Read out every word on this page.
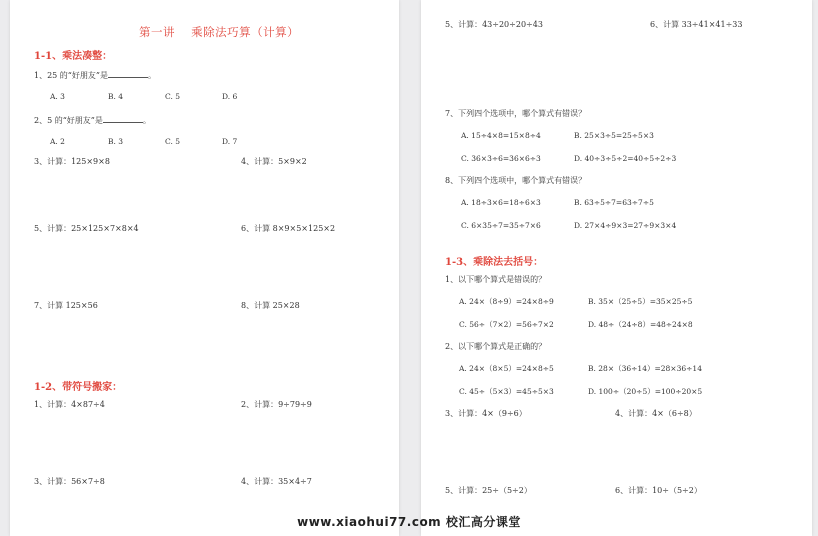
第一讲　 乘除法巧算（计算）
1-1、乘法凑整：
1、25 的“好朋友”是	。
A. 3	B. 4	C. 5	D. 6
2、5 的“好朋友”是	。
A. 2	B. 3	C. 5	D. 7
3、计算：125×9×8	4、计算：5×9×2
5、计算：25×125×7×8×4	6、计算 8×9×5×125×2
7、计算 125×56	8、计算 25×28
1-2、带符号搬家：
1、计算：4×87÷4	2、计算：9÷79÷9
3、计算：56×7÷8	4、计算：35×4÷7
5、计算：43÷20÷20÷43	6、计算 33÷41×41÷33
7、下列四个选项中，哪个算式有错误？
A. 15÷4×8=15×8÷4	B. 25×3÷5=25÷5×3
C. 36×3÷6=36×6÷3	D. 40÷3÷5÷2=40÷5÷2÷3
8、下列四个选项中，哪个算式有错误？
A. 18÷3×6=18÷6×3	B. 63÷5÷7=63÷7÷5
C. 6×35÷7=35÷7×6	D. 27×4÷9×3=27÷9×3×4
1-3、乘除法去括号：
1、以下哪个算式是错误的？
A. 24×（8÷9）=24×8÷9	B. 35×（25÷5）=35×25÷5
C. 56÷（7×2）=56÷7×2	D. 48÷（24÷8）=48÷24×8
2、以下哪个算式是正确的？
A. 24×（8×5）=24×8÷5	B. 28×（36÷14）=28×36÷14
C. 45÷（5×3）=45÷5×3	D. 100÷（20÷5）=100÷20×5
3、计算：4×（9÷6）	4、计算：4×（6÷8）
5、计算：25÷（5÷2）	6、计算：10÷（5÷2）
www.xiaohui77.com 校汇高分课堂
